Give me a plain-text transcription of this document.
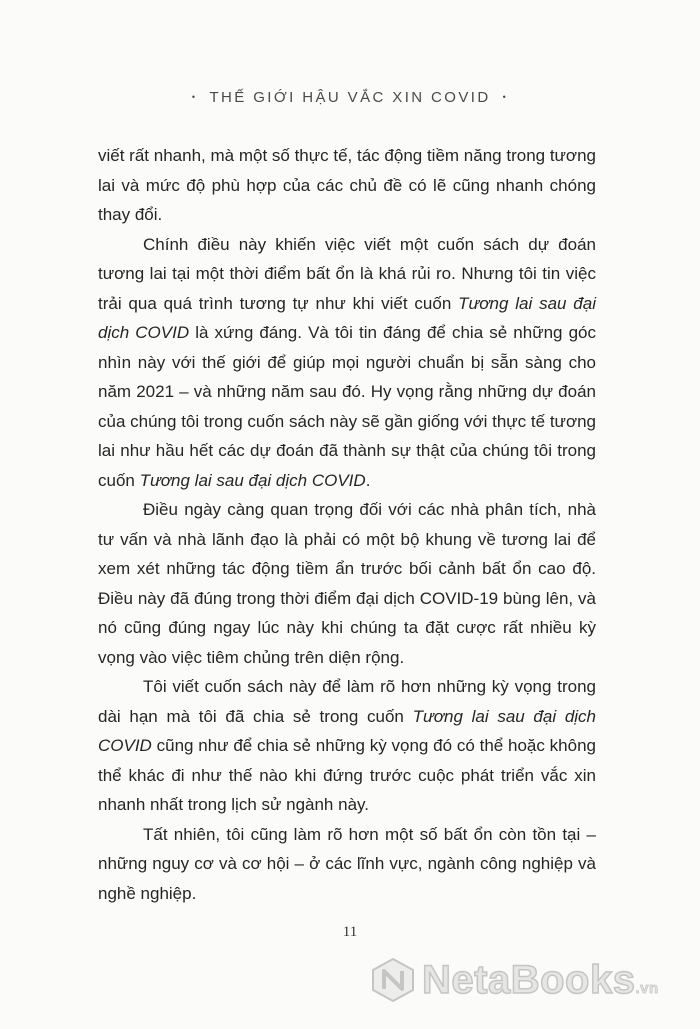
• THẾ GIỚI HẬU VẮC XIN COVID •

viết rất nhanh, mà một số thực tế, tác động tiềm năng trong tương lai và mức độ phù hợp của các chủ đề có lẽ cũng nhanh chóng thay đổi.

Chính điều này khiến việc viết một cuốn sách dự đoán tương lai tại một thời điểm bất ổn là khá rủi ro. Nhưng tôi tin việc trải qua quá trình tương tự như khi viết cuốn Tương lai sau đại dịch COVID là xứng đáng. Và tôi tin đáng để chia sẻ những góc nhìn này với thế giới để giúp mọi người chuẩn bị sẵn sàng cho năm 2021 – và những năm sau đó. Hy vọng rằng những dự đoán của chúng tôi trong cuốn sách này sẽ gần giống với thực tế tương lai như hầu hết các dự đoán đã thành sự thật của chúng tôi trong cuốn Tương lai sau đại dịch COVID.

Điều ngày càng quan trọng đối với các nhà phân tích, nhà tư vấn và nhà lãnh đạo là phải có một bộ khung về tương lai để xem xét những tác động tiềm ẩn trước bối cảnh bất ổn cao độ. Điều này đã đúng trong thời điểm đại dịch COVID-19 bùng lên, và nó cũng đúng ngay lúc này khi chúng ta đặt cược rất nhiều kỳ vọng vào việc tiêm chủng trên diện rộng.

Tôi viết cuốn sách này để làm rõ hơn những kỳ vọng trong dài hạn mà tôi đã chia sẻ trong cuốn Tương lai sau đại dịch COVID cũng như để chia sẻ những kỳ vọng đó có thể hoặc không thể khác đi như thế nào khi đứng trước cuộc phát triển vắc xin nhanh nhất trong lịch sử ngành này.

Tất nhiên, tôi cũng làm rõ hơn một số bất ổn còn tồn tại – những nguy cơ và cơ hội – ở các lĩnh vực, ngành công nghiệp và nghề nghiệp.

11
NetaBooks.vn
